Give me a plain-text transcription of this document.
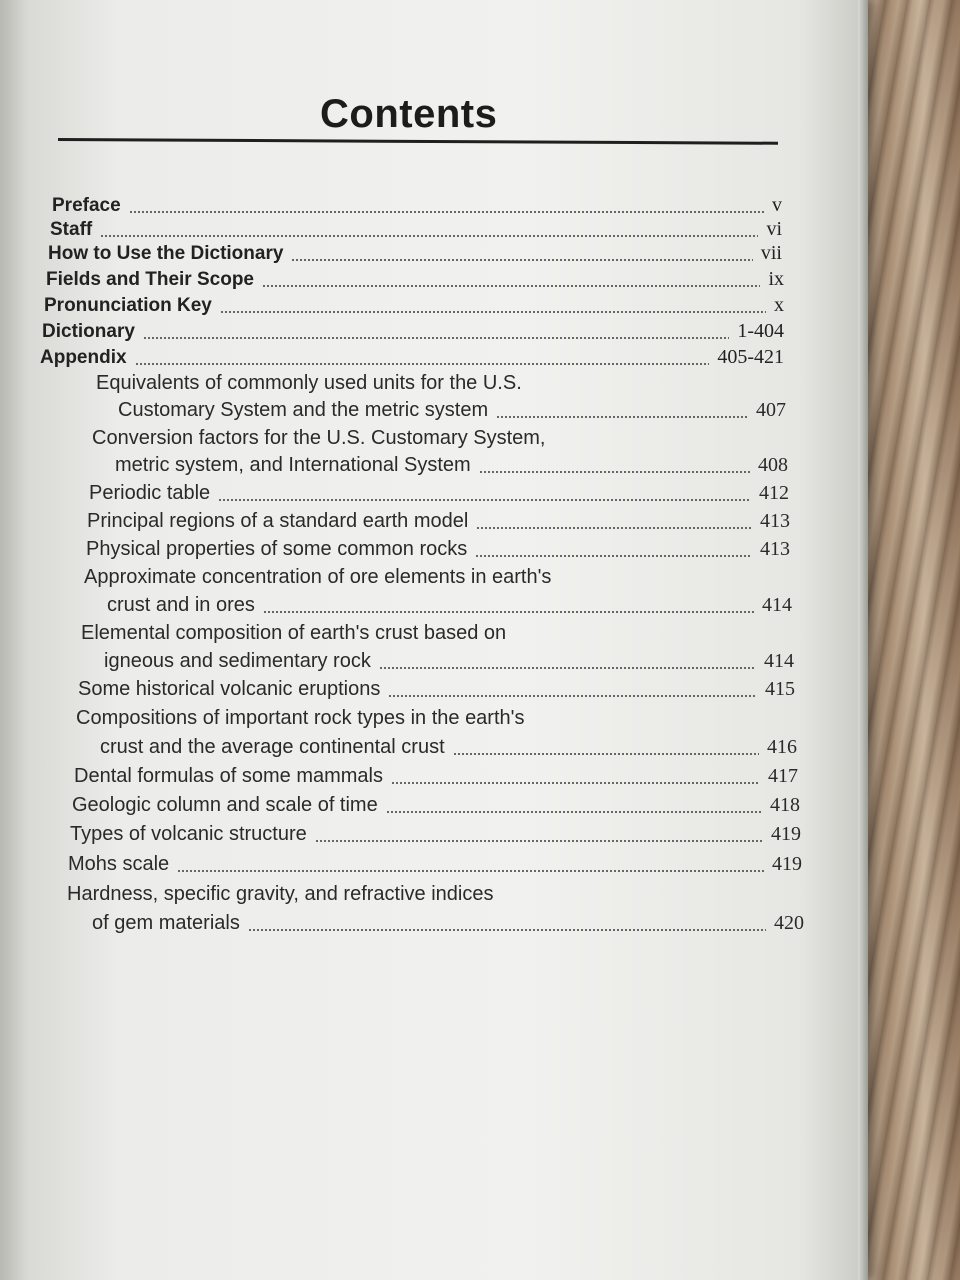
Contents
Preface	v
Staff	vi
How to Use the Dictionary	vii
Fields and Their Scope	ix
Pronunciation Key	x
Dictionary	1-404
Appendix	405-421
Equivalents of commonly used units for the U.S.
Customary System and the metric system	407
Conversion factors for the U.S. Customary System,
metric system, and International System	408
Periodic table	412
Principal regions of a standard earth model	413
Physical properties of some common rocks	413
Approximate concentration of ore elements in earth's
crust and in ores	414
Elemental composition of earth's crust based on
igneous and sedimentary rock	414
Some historical volcanic eruptions	415
Compositions of important rock types in the earth's
crust and the average continental crust	416
Dental formulas of some mammals	417
Geologic column and scale of time	418
Types of volcanic structure	419
Mohs scale	419
Hardness, specific gravity, and refractive indices
of gem materials	420
